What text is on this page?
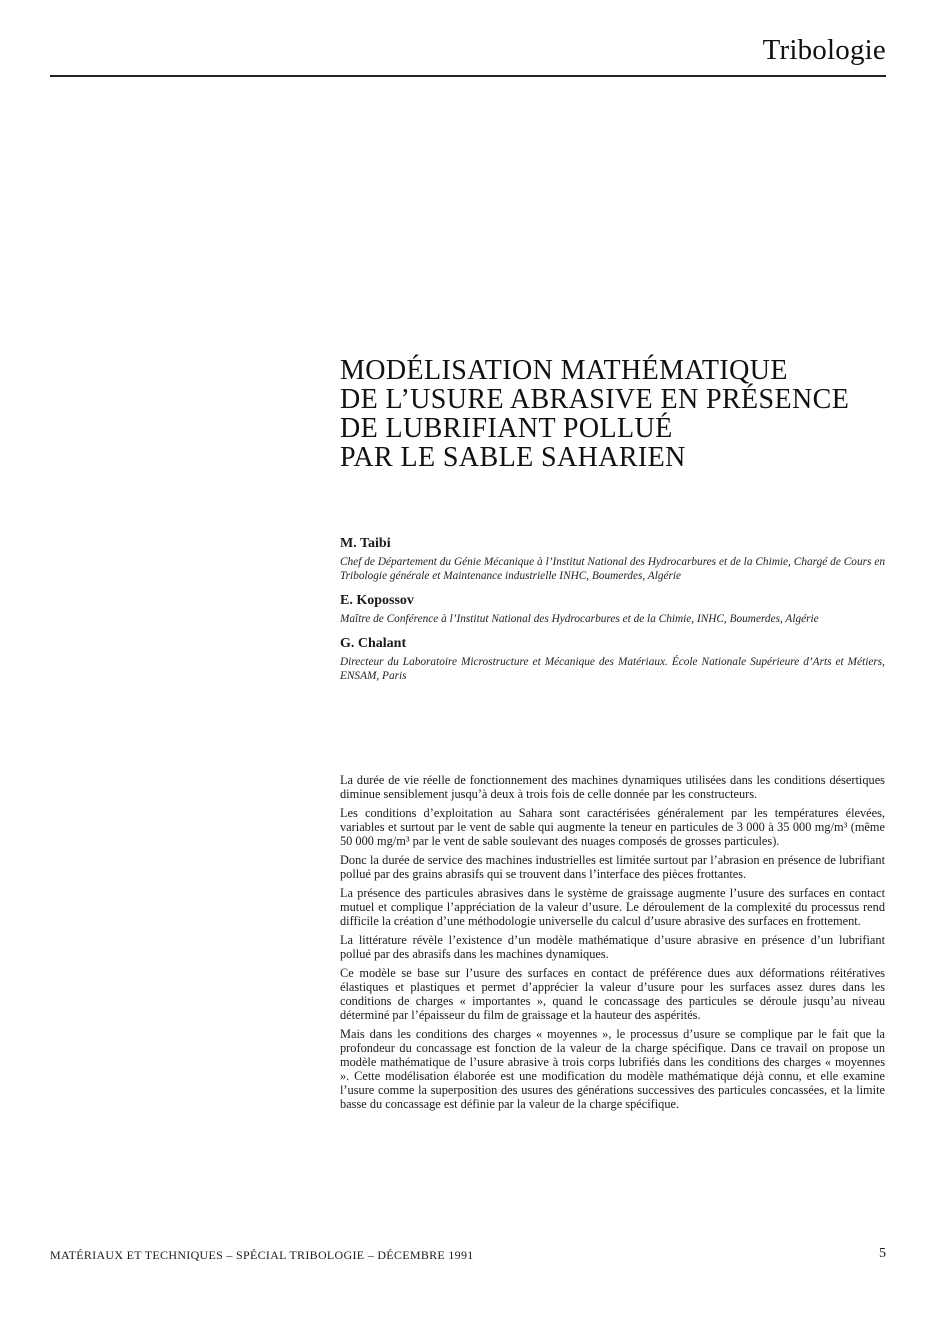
Tribologie
MODÉLISATION MATHÉMATIQUE
DE L’USURE ABRASIVE EN PRÉSENCE
DE LUBRIFIANT POLLUÉ
PAR LE SABLE SAHARIEN
M. Taibi
Chef de Département du Génie Mécanique à l’Institut National des Hydrocarbures et de la Chimie, Chargé de Cours en Tribologie générale et Maintenance industrielle INHC, Boumerdes, Algérie
E. Kopossov
Maître de Conférence à l’Institut National des Hydrocarbures et de la Chimie, INHC, Boumerdes, Algérie
G. Chalant
Directeur du Laboratoire Microstructure et Mécanique des Matériaux. École Nationale Supérieure d’Arts et Métiers, ENSAM, Paris

La durée de vie réelle de fonctionnement des machines dynamiques utilisées dans les conditions désertiques diminue sensiblement jusqu’à deux à trois fois de celle donnée par les constructeurs.

Les conditions d’exploitation au Sahara sont caractérisées généralement par les températures élevées, variables et surtout par le vent de sable qui augmente la teneur en particules de 3 000 à 35 000 mg/m³ (même 50 000 mg/m³ par le vent de sable soulevant des nuages composés de grosses particules).

Donc la durée de service des machines industrielles est limitée surtout par l’abrasion en présence de lubrifiant pollué par des grains abrasifs qui se trouvent dans l’interface des pièces frottantes.

La présence des particules abrasives dans le système de graissage augmente l’usure des surfaces en contact mutuel et complique l’appréciation de la valeur d’usure. Le déroulement de la complexité du processus rend difficile la création d’une méthodologie universelle du calcul d’usure abrasive des surfaces en frottement.

La littérature révèle l’existence d’un modèle mathématique d’usure abrasive en présence d’un lubrifiant pollué par des abrasifs dans les machines dynamiques.

Ce modèle se base sur l’usure des surfaces en contact de préférence dues aux déformations réitératives élastiques et plastiques et permet d’apprécier la valeur d’usure pour les surfaces assez dures dans les conditions de charges « importantes », quand le concassage des particules se déroule jusqu’au niveau déterminé par l’épaisseur du film de graissage et la hauteur des aspérités.

Mais dans les conditions des charges « moyennes », le processus d’usure se complique par le fait que la profondeur du concassage est fonction de la valeur de la charge spécifique. Dans ce travail on propose un modèle mathématique de l’usure abrasive à trois corps lubrifiés dans les conditions des charges « moyennes ». Cette modélisation élaborée est une modification du modèle mathématique déjà connu, et elle examine l’usure comme la superposition des usures des générations successives des particules concassées, et la limite basse du concassage est définie par la valeur de la charge spécifique.

MATÉRIAUX ET TECHNIQUES – SPÉCIAL TRIBOLOGIE – DÉCEMBRE 1991	5
